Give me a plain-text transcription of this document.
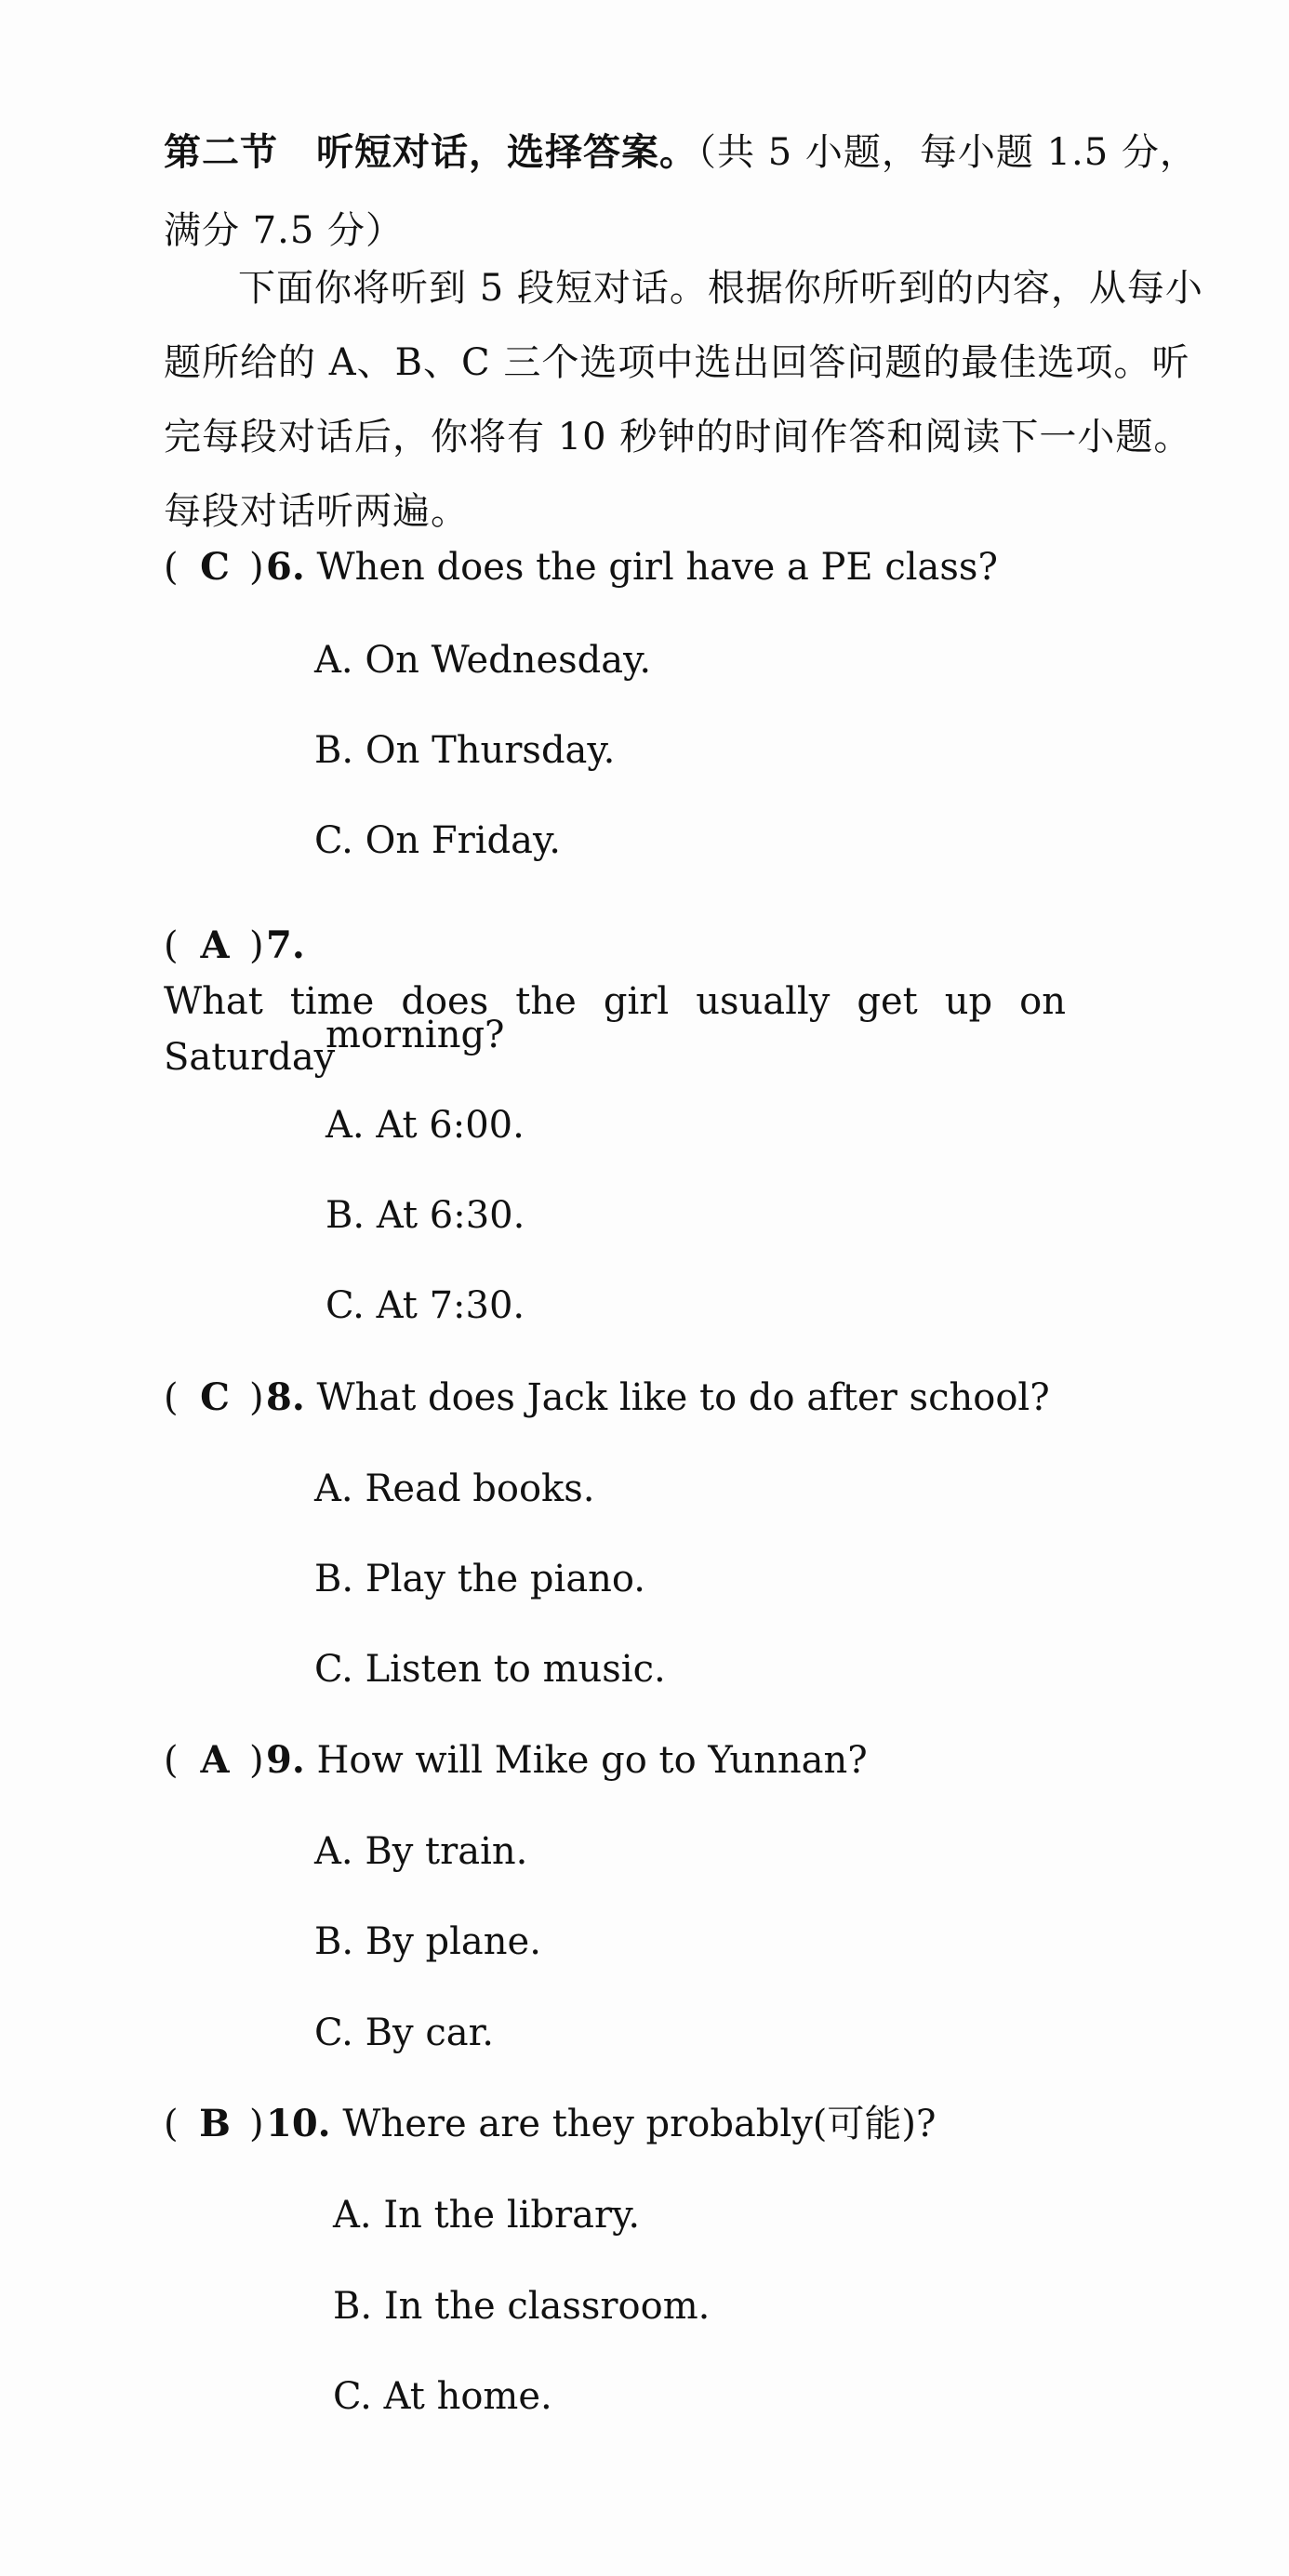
第二节　听短对话，选择答案。（共 5 小题，每小题 1.5 分，满分 7.5 分）
下面你将听到 5 段短对话。根据你所听到的内容，从每小题所给的 A、B、C 三个选项中选出回答问题的最佳选项。听完每段对话后，你将有 10 秒钟的时间作答和阅读下一小题。每段对话听两遍。
( C )6. When does the girl have a PE class?
A. On Wednesday.
B. On Thursday.
C. On Friday.
( A )7. What time does the girl usually get up on Saturday
morning?
A. At 6:00.
B. At 6:30.
C. At 7:30.
( C )8. What does Jack like to do after school?
A. Read books.
B. Play the piano.
C. Listen to music.
( A )9. How will Mike go to Yunnan?
A. By train.
B. By plane.
C. By car.
( B )10. Where are they probably(可能)?
A. In the library.
B. In the classroom.
C. At home.
